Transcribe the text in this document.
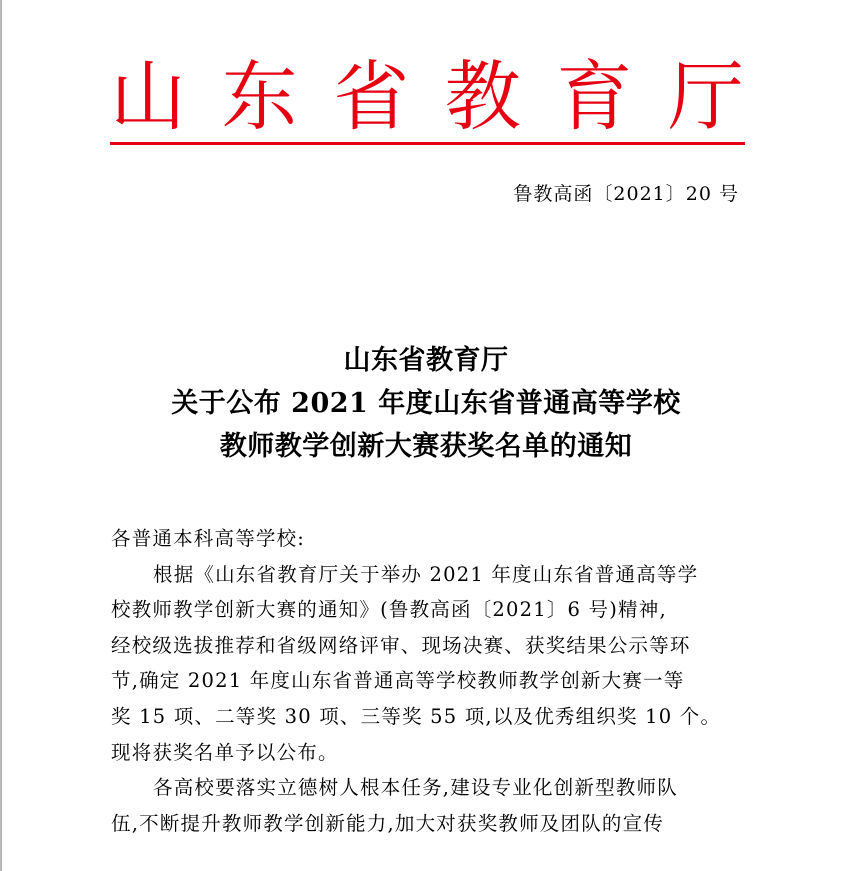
山 东 省 教 育 厅
鲁教高函〔2021〕20 号
山东省教育厅
关于公布 2021 年度山东省普通高等学校
教师教学创新大赛获奖名单的通知
各普通本科高等学校:
根据《山东省教育厅关于举办 2021 年度山东省普通高等学
校教师教学创新大赛的通知》(鲁教高函〔2021〕6 号)精神,
经校级选拔推荐和省级网络评审、现场决赛、获奖结果公示等环
节,确定 2021 年度山东省普通高等学校教师教学创新大赛一等
奖 15 项、二等奖 30 项、三等奖 55 项,以及优秀组织奖 10 个。
现将获奖名单予以公布。
各高校要落实立德树人根本任务,建设专业化创新型教师队
伍,不断提升教师教学创新能力,加大对获奖教师及团队的宣传
